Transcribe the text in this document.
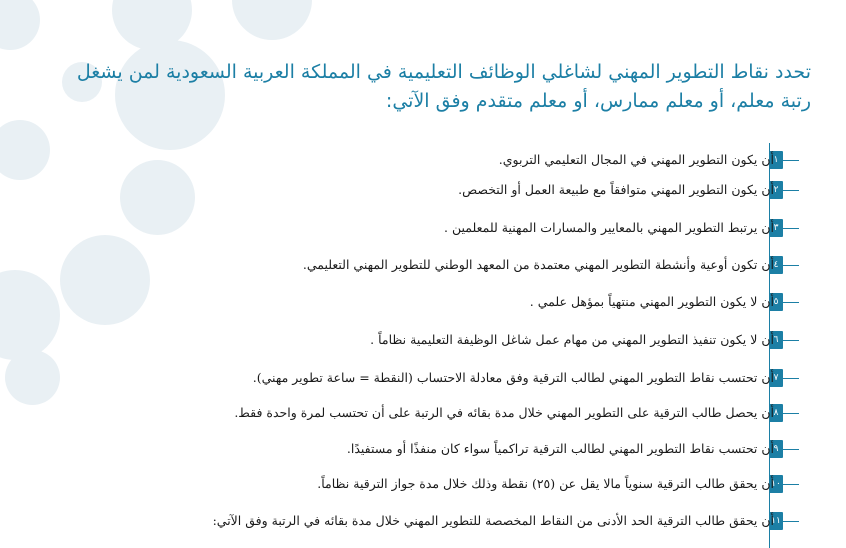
تحدد نقاط التطوير المهني لشاغلي الوظائف التعليمية في المملكة العربية السعودية لمن يشغل
رتبة معلم، أو معلم ممارس، أو معلم متقدم وفق الآتي:
١
أن يكون التطوير المهني في المجال التعليمي التربوي.
٢
أن يكون التطوير المهني متوافقاً مع طبيعة العمل أو التخصص.
٣
أن يرتبط التطوير المهني بالمعايير والمسارات المهنية للمعلمين .
٤
أن تكون أوعية وأنشطة التطوير المهني معتمدة من المعهد الوطني للتطوير المهني التعليمي.
٥
أن لا يكون التطوير المهني منتهياً بمؤهل علمي .
٦
أن لا يكون تنفيذ التطوير المهني من مهام عمل شاغل الوظيفة التعليمية نظاماً .
٧
أن تحتسب نقاط التطوير المهني لطالب الترقية وفق معادلة الاحتساب (النقطة = ساعة تطوير مهني).
٨
أن يحصل طالب الترقية على التطوير المهني خلال مدة بقائه في الرتبة على أن تحتسب لمرة واحدة فقط.
٩
أن تحتسب نقاط التطوير المهني لطالب الترقية تراكمياً سواء كان منفذًا أو مستفيدًا.
١٠
أن يحقق طالب الترقية سنوياً مالا يقل عن (٢٥) نقطة وذلك خلال مدة جواز الترقية نظاماً.
١١
أن يحقق طالب الترقية الحد الأدنى من النقاط المخصصة للتطوير المهني خلال مدة بقائه في الرتبة وفق الآتي:
